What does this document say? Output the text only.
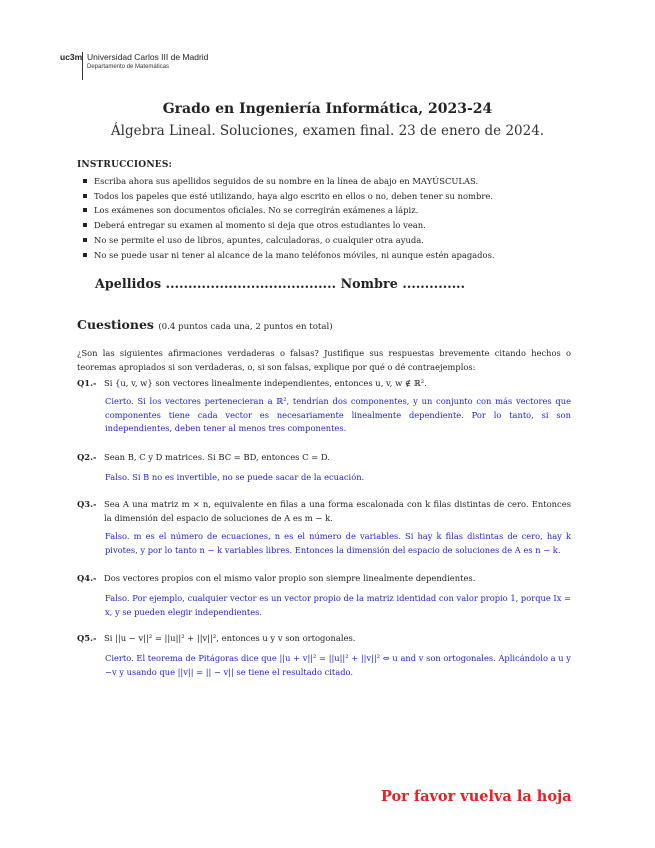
uc3m Universidad Carlos III de Madrid
Departamento de Matemáticas
Grado en Ingeniería Informática, 2023-24
Álgebra Lineal. Soluciones, examen final. 23 de enero de 2024.
INSTRUCCIONES:
Escriba ahora sus apellidos seguidos de su nombre en la línea de abajo en MAYÚSCULAS.
Todos los papeles que esté utilizando, haya algo escrito en ellos o no, deben tener su nombre.
Los exámenes son documentos oficiales. No se corregirán exámenes a lápiz.
Deberá entregar su examen al momento si deja que otros estudiantes lo vean.
No se permite el uso de libros, apuntes, calculadoras, o cualquier otra ayuda.
No se puede usar ni tener al alcance de la mano teléfonos móviles, ni aunque estén apagados.
Apellidos ...................................... Nombre ..............
Cuestiones (0.4 puntos cada una, 2 puntos en total)
¿Son las siguientes afirmaciones verdaderas o falsas? Justifique sus respuestas brevemente citando hechos o teoremas apropiados si son verdaderas, o, si son falsas, explique por qué o dé contraejemplos:
Q1.- Si {u, v, w} son vectores linealmente independientes, entonces u, v, w ∉ ℝ².
Cierto. Si los vectores pertenecieran a ℝ², tendrían dos componentes, y un conjunto con más vectores que componentes tiene cada vector es necesariamente linealmente dependiente. Por lo tanto, si son independientes, deben tener al menos tres componentes.
Q2.- Sean B, C y D matrices. Si BC = BD, entonces C = D.
Falso. Si B no es invertible, no se puede sacar de la ecuación.
Q3.- Sea A una matriz m × n, equivalente en filas a una forma escalonada con k filas distintas de cero. Entonces la dimensión del espacio de soluciones de A es m − k.
Falso. m es el número de ecuaciones, n es el número de variables. Si hay k filas distintas de cero, hay k pivotes, y por lo tanto n − k variables libres. Entonces la dimensión del espacio de soluciones de A es n − k.
Q4.- Dos vectores propios con el mismo valor propio son siempre linealmente dependientes.
Falso. Por ejemplo, cualquier vector es un vector propio de la matriz identidad con valor propio 1, porque Ix = x, y se pueden elegir independientes.
Q5.- Si ||u − v||² = ||u||² + ||v||², entonces u y v son ortogonales.
Cierto. El teorema de Pitágoras dice que ||u + v||² = ||u||² + ||v||² ⇔ u and v son ortogonales. Aplicándolo a u y −v y usando que ||v|| = || − v|| se tiene el resultado citado.
Por favor vuelva la hoja
